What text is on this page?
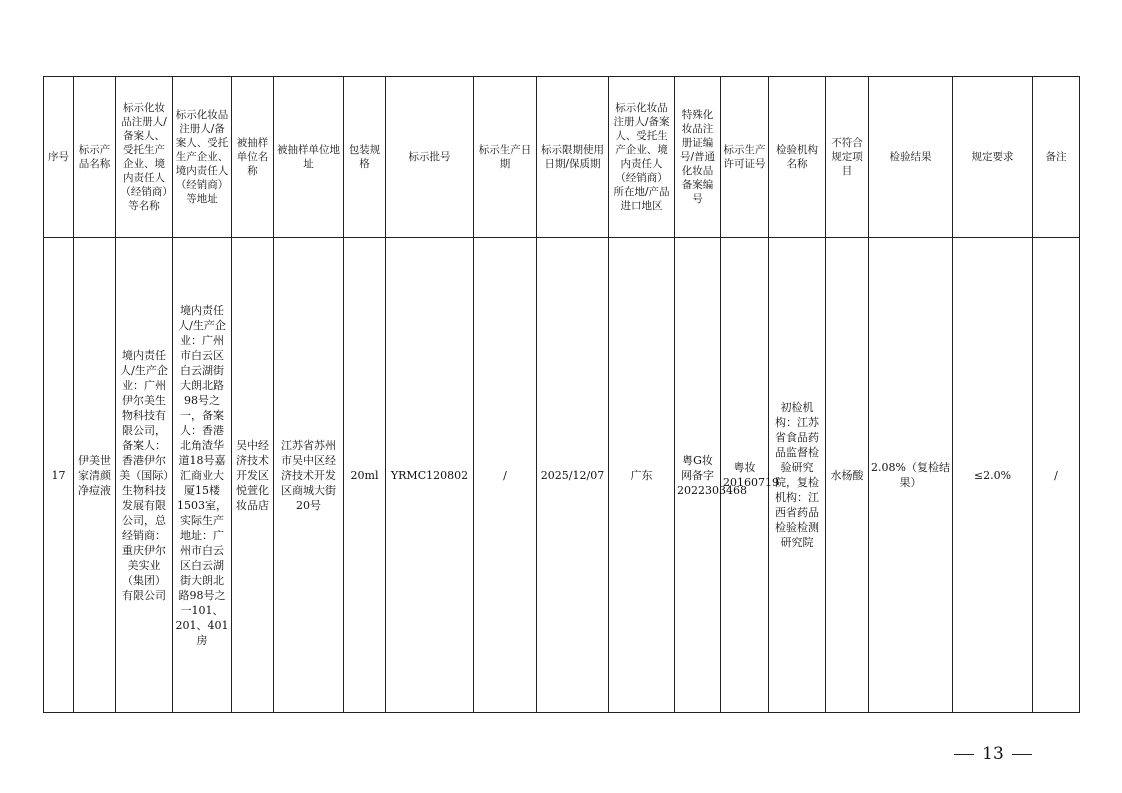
序号	标示产品名称	标示化妆品注册人/备案人、受托生产企业、境内责任人（经销商）等名称	标示化妆品注册人/备案人、受托生产企业、境内责任人（经销商）等地址	被抽样单位名称	被抽样单位地址	包装规格	标示批号	标示生产日期	标示限期使用日期/保质期	标示化妆品注册人/备案人、受托生产企业、境内责任人（经销商）所在地/产品进口地区	特殊化妆品注册证编号/普通化妆品备案编号	标示生产许可证号	检验机构名称	不符合规定项目	检验结果	规定要求	备注
17	伊美世家清颜净痘液	境内责任人/生产企业：广州伊尔美生物科技有限公司，备案人：香港伊尔美（国际）生物科技发展有限公司，总经销商：重庆伊尔美实业（集团）有限公司	境内责任人/生产企业：广州市白云区白云湖街大朗北路98号之一，备案人：香港北角渣华道18号嘉汇商业大厦15楼1503室，实际生产地址：广州市白云区白云湖街大朗北路98号之一101、201、401房	吴中经济技术开发区悦萱化妆品店	江苏省苏州市吴中区经济技术开发区商城大街20号	20ml	YRMC120802	/	2025/12/07	广东	粤G妆网备字2022303468	粤妆20160719	初检机构：江苏省食品药品监督检验研究院，复检机构：江西省药品检验检测研究院	水杨酸	2.08%（复检结果）	≤2.0%	/
13
